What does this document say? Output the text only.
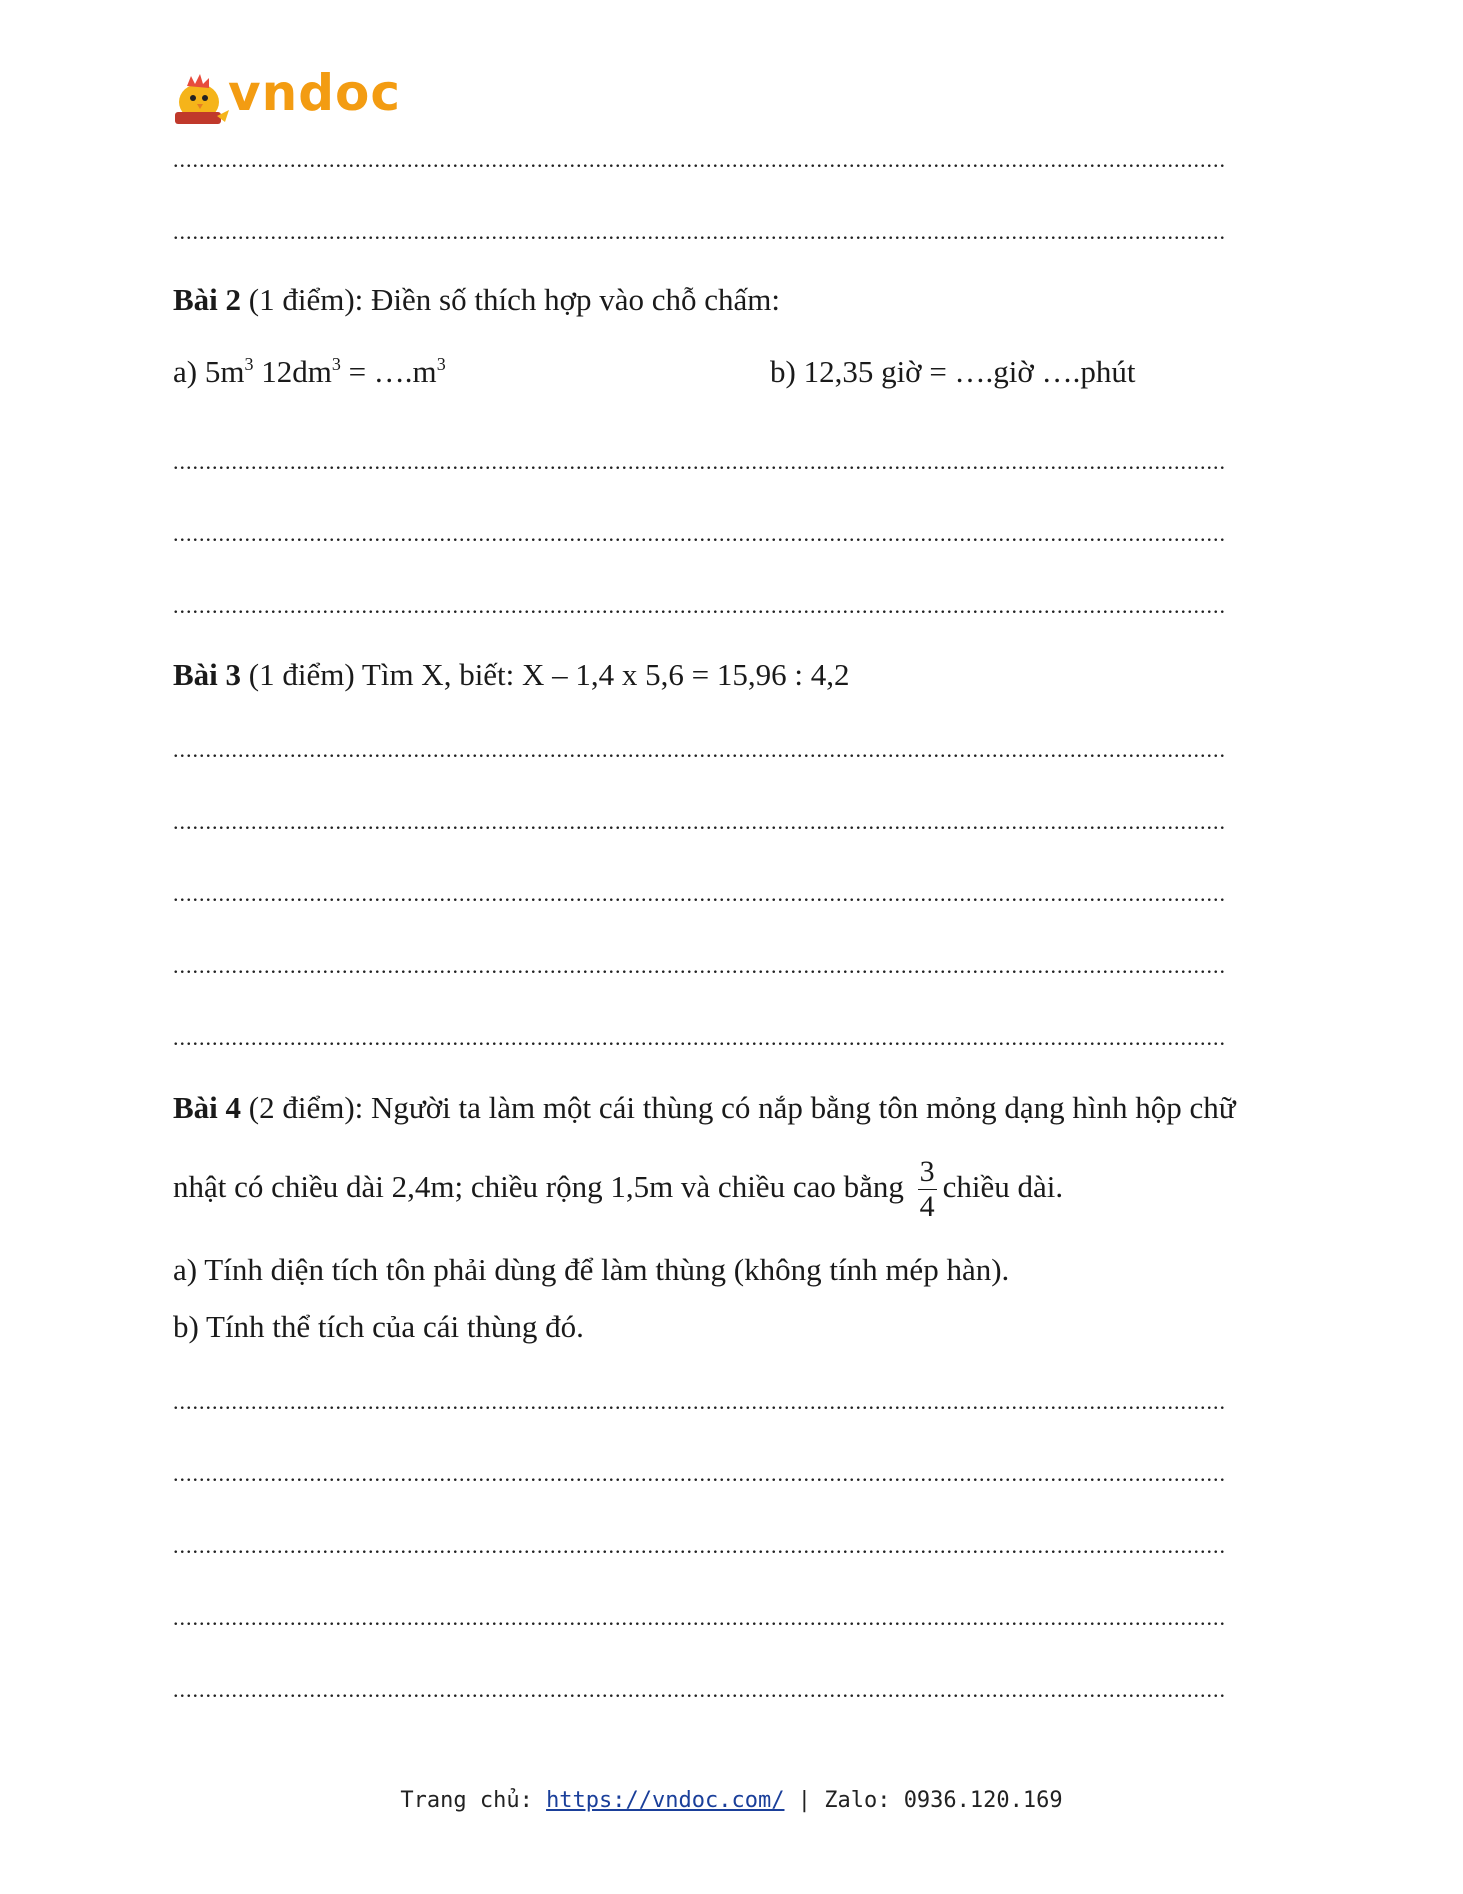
vndoc
..................................................................................................................................................................
..................................................................................................................................................................
Bài 2 (1 điểm): Điền số thích hợp vào chỗ chấm:
a) $5m^3$ $12dm^3$ = $\dots.m^3$	b) 12,35 giờ = ….giờ ….phút
..................................................................................................................................................................
..................................................................................................................................................................
..................................................................................................................................................................
Bài 3 (1 điểm) Tìm X, biết: X – 1,4 x 5,6 = 15,96 : 4,2
..................................................................................................................................................................
..................................................................................................................................................................
..................................................................................................................................................................
..................................................................................................................................................................
..................................................................................................................................................................
Bài 4 (2 điểm): Người ta làm một cái thùng có nắp bằng tôn mỏng dạng hình hộp chữ
nhật có chiều dài 2,4m; chiều rộng 1,5m và chiều cao bằng $\frac{3}{4}$ chiều dài.
a) Tính diện tích tôn phải dùng để làm thùng (không tính mép hàn).
b) Tính thể tích của cái thùng đó.
..................................................................................................................................................................
..................................................................................................................................................................
..................................................................................................................................................................
..................................................................................................................................................................
..................................................................................................................................................................
Trang chủ: https://vndoc.com/ | Zalo: 0936.120.169
